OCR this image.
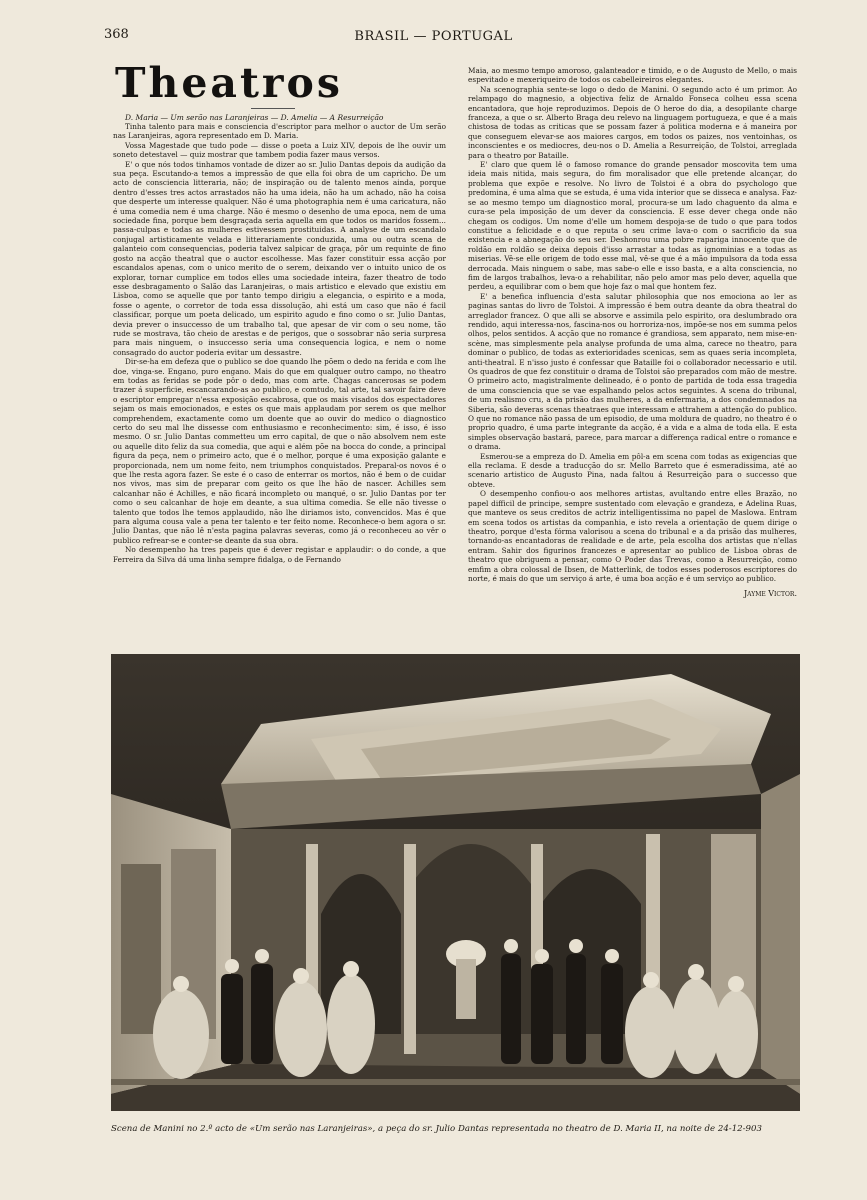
368	BRASIL — PORTUGAL
Theatros

D. Maria — Um serão nas Laranjeiras — D. Amelia — A Resurreição

Tinha talento para mais e consciencia d'escriptor para melhor o auctor de Um serão nas Laranjeiras, agora representado em D. Maria.

Vossa Magestade que tudo pode — disse o poeta a Luiz XIV, depois de lhe ouvir um soneto detestavel — quiz mostrar que tambem podia fazer maus versos.

E' o que nós todos tinhamos vontade de dizer ao sr. Julio Dantas depois da audição da sua peça. Escutando-a temos a impressão de que ella foi obra de um capricho. De um acto de consciencia litteraria, não; de inspiração ou de talento menos ainda, porque dentro d'esses tres actos arrastados não ha uma ideia, não ha um achado, não ha coisa que desperte um interesse qualquer. Não é uma photographia nem é uma caricatura, não é uma comedia nem é uma charge. Não é mesmo o desenho de uma epoca, nem de uma sociedade fina, porque bem desgraçada seria aquella em que todos os maridos fossem... passa-culpas e todas as mulheres estivessem prostituidas. A analyse de um escandalo conjugal artisticamente velada e litterariamente conduzida, uma ou outra scena de galanteio com consequencias, poderia talvez salpicar de graça, pôr um requinte de fino gosto na acção theatral que o auctor escolhesse. Mas fazer constituir essa acção por escandalos apenas, com o unico merito de o serem, deixando ver o intuito unico de os explorar, tornar cumplice em todos elles uma sociedade inteira, fazer theatro de todo esse desbragamento o Salão das Laranjeiras, o mais artistico e elevado que existiu em Lisboa, como se aquelle que por tanto tempo dirigiu a elegancia, o espirito e a moda, fosse o agente, o corretor de toda essa dissolução, ahi está um caso que não é facil classificar, porque um poeta delicado, um espirito agudo e fino como o sr. Julio Dantas, devia prever o insuccesso de um trabalho tal, que apesar de vir com o seu nome, tão rude se mostrava, tão cheio de arestas e de perigos, que o sossobrar não seria surpresa para mais ninguem, o insuccesso seria uma consequencia logica, e nem o nome consagrado do auctor poderia evitar um dessastre.

Dir-se-ha em defeza que o publico se doe quando lhe põem o dedo na ferida e com lhe doe, vinga-se. Engano, puro engano. Mais do que em qualquer outro campo, no theatro em todas as feridas se pode pôr o dedo, mas com arte. Chagas cancerosas se podem trazer á superficie, escancarando-as ao publico, e comtudo, tal arte, tal savoir faire deve o escriptor empregar n'essa exposição escabrosa, que os mais visados dos espectadores sejam os mais emocionados, e estes os que mais applaudam por serem os que melhor comprehendem, exactamente como um doente que ao ouvir do medico o diagnostico certo do seu mal lhe dissesse com enthusiasmo e reconhecimento: sim, é isso, é isso mesmo. O sr. Julio Dantas commetteu um erro capital, de que o não absolvem nem este ou aquelle dito feliz da sua comedia, que aqui e além põe na bocca do conde, a principal figura da peça, nem o primeiro acto, que é o melhor, porque é uma exposição galante e proporcionada, nem um nome feito, nem triumphos conquistados. Preparal-os novos é o que lhe resta agora fazer. Se este é o caso de enterrar os mortos, não é bem o de cuidar nos vivos, mas sim de preparar com geito os que lhe hão de nascer. Achilles sem calcanhar não é Achilles, e não ficará incompleto ou manqué, o sr. Julio Dantas por ter como o seu calcanhar de hoje em deante, a sua ultima comedia. Se elle não tivesse o talento que todos lhe temos applaudido, não lhe diriamos isto, convencidos. Mas é que para alguma cousa vale a pena ter talento e ter feito nome. Reconhece-o bem agora o sr. Julio Dantas, que não lê n'esta pagina palavras severas, como já o reconheceu ao vêr o publico refrear-se e conter-se deante da sua obra.

No desempenho ha tres papeis que é dever registar e applaudir: o do conde, a que Ferreira da Silva dá uma linha sempre fidalga, o de Fernando

Maia, ao mesmo tempo amoroso, galanteador e timido, e o de Augusto de Mello, o mais espevitado e mexeriqueiro de todos os cabelleireiros elegantes.

Na scenographia sente-se logo o dedo de Manini. O segundo acto é um primor. Ao relampago do magnesio, a objectiva feliz de Arnaldo Fonseca colheu essa scena encantadora, que hoje reproduzimos. Depois de O heroe do dia, a desopilante charge franceza, a que o sr. Alberto Braga deu relevo na linguagem portugueza, e que é a mais chistosa de todas as criticas que se possam fazer á politica moderna e á maneira por que conseguem elevar-se aos maiores cargos, em todos os paizes, nos ventoinhas, os inconscientes e os mediocres, deu-nos o D. Amelia a Resurreição, de Tolstoi, arreglada para o theatro por Bataille.

E' claro que quem lê o famoso romance do grande pensador moscovita tem uma ideia mais nitida, mais segura, do fim moralisador que elle pretende alcançar, do problema que expõe e resolve. No livro de Tolstoi é a obra do psychologo que predomina, é uma alma que se estuda, é uma vida interior que se disseca e analysa. Faz-se ao mesmo tempo um diagnostico moral, procura-se um lado chaguento da alma e cura-se pela imposição de um dever da consciencia. E esse dever chega onde não chegam os codigos. Um nome d'elle um homem despoja-se de tudo o que para todos constitue a felicidade e o que reputa o seu crime lava-o com o sacrificio da sua existencia e a abnegação do seu ser. Deshonrou uma pobre rapariga innocente que de roldão em roldão se deixa depois d'isso arrastar a todas as ignominias e a todas as miserias. Vê-se elle origem de todo esse mal, vê-se que é a mão impulsora da toda essa derrocada. Mais ninguem o sabe, mas sabe-o elle e isso basta, e a alta consciencia, no fim de largos trabalhos, leva-o a rehabilitar, não pelo amor mas pelo dever, aquella que perdeu, a equilibrar com o bem que hoje faz o mal que hontem fez.

E' a benefica influencia d'esta salutar philosophia que nos emociona ao ler as paginas santas do livro de Tolstoi. A impressão é bem outra deante da obra theatral do arreglador francez. O que alli se absorve e assimila pelo espirito, ora deslumbrado ora rendido, aqui interessa-nos, fascina-nos ou horroriza-nos, impõe-se nos em summa pelos olhos, pelos sentidos. A acção que no romance é grandiosa, sem apparato, nem mise-en-scène, mas simplesmente pela analyse profunda de uma alma, carece no theatro, para dominar o publico, de todas as exterioridades scenicas, sem as quaes seria incompleta, anti-theatral. E n'isso justo é confessar que Bataille foi o collaborador necessario e util. Os quadros de que fez constituir o drama de Tolstoi são preparados com mão de mestre. O primeiro acto, magistralmente delineado, é o ponto de partida de toda essa tragedia de uma consciencia que se vae espalhando pelos actos seguintes. A scena do tribunal, de um realismo cru, a da prisão das mulheres, a da enfermaria, a dos condemnados na Siberia, são deveras scenas theatraes que interessam e attrahem a attenção do publico. O que no romance não passa de um episodio, de uma moldura de quadro, no theatro é o proprio quadro, é uma parte integrante da acção, é a vida e a alma de toda ella. E esta simples observação bastará, parece, para marcar a differença radical entre o romance e o drama.

Esmerou-se a empreza do D. Amelia em pôl-a em scena com todas as exigencias que ella reclama. E desde a traducção do sr. Mello Barreto que é esmeradissima, até ao scenario artistico de Augusto Pina, nada faltou á Resurreição para o successo que obteve.

O desempenho confiou-o aos melhores artistas, avultando entre elles Brazão, no papel difficil de principe, sempre sustentado com elevação e grandeza, e Adelina Ruas, que manteve os seus creditos de actriz intelligentissima no papel de Maslowa. Entram em scena todos os artistas da companhia, e isto revela a orientação de quem dirige o theatro, porque d'esta fórma valorisou a scena do tribunal e a da prisão das mulheres, tornando-as encantadoras de realidade e de arte, pela escolha dos artistas que n'ellas entram. Sahir dos figurinos francezes e apresentar ao publico de Lisboa obras de theatro que obriguem a pensar, como O Poder das Trevas, como a Resurreição, como emfim a obra colossal de Ibsen, de Matterlink, de todos esses poderosos escriptores do norte, é mais do que um serviço á arte, é uma boa acção e é um serviço ao publico.

Jayme Victor.
Scena de Manini no 2.º acto de «Um serão nas Laranjeiras», a peça do sr. Julio Dantas representada no theatro de D. Maria II, na noite de 24-12-903
